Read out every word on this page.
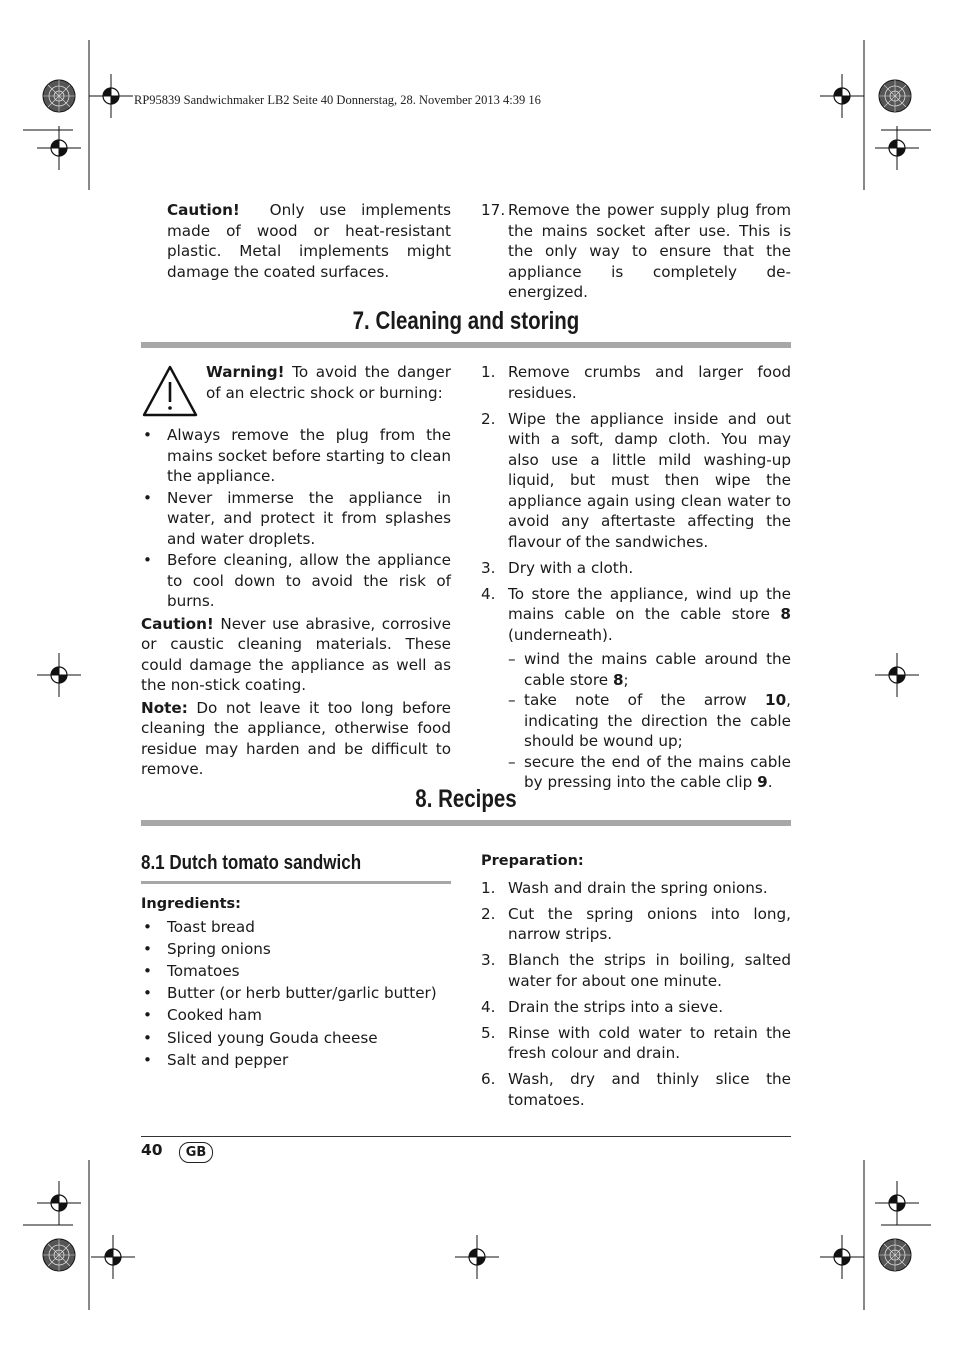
RP95839 Sandwichmaker LB2 Seite 40 Donnerstag, 28. November 2013 4:39 16
Caution! Only use implements made of wood or heat-resistant plastic. Metal implements might damage the coated surfaces.
17. Remove the power supply plug from the mains socket after use. This is the only way to ensure that the appliance is completely de-energized.
7. Cleaning and storing
Warning! To avoid the danger of an electric shock or burning:
• Always remove the plug from the mains socket before starting to clean the appliance.
• Never immerse the appliance in water, and protect it from splashes and water droplets.
• Before cleaning, allow the appliance to cool down to avoid the risk of burns.
Caution! Never use abrasive, corrosive or caustic cleaning materials. These could damage the appliance as well as the non-stick coating.
Note: Do not leave it too long before cleaning the appliance, otherwise food residue may harden and be difficult to remove.
1. Remove crumbs and larger food residues.
2. Wipe the appliance inside and out with a soft, damp cloth. You may also use a little mild washing-up liquid, but must then wipe the appliance again using clean water to avoid any aftertaste affecting the flavour of the sandwiches.
3. Dry with a cloth.
4. To store the appliance, wind up the mains cable on the cable store 8 (underneath).
– wind the mains cable around the cable store 8;
– take note of the arrow 10, indicating the direction the cable should be wound up;
– secure the end of the mains cable by pressing into the cable clip 9.
8. Recipes
8.1 Dutch tomato sandwich
Ingredients:
• Toast bread
• Spring onions
• Tomatoes
• Butter (or herb butter/garlic butter)
• Cooked ham
• Sliced young Gouda cheese
• Salt and pepper
Preparation:
1. Wash and drain the spring onions.
2. Cut the spring onions into long, narrow strips.
3. Blanch the strips in boiling, salted water for about one minute.
4. Drain the strips into a sieve.
5. Rinse with cold water to retain the fresh colour and drain.
6. Wash, dry and thinly slice the tomatoes.
40	GB
